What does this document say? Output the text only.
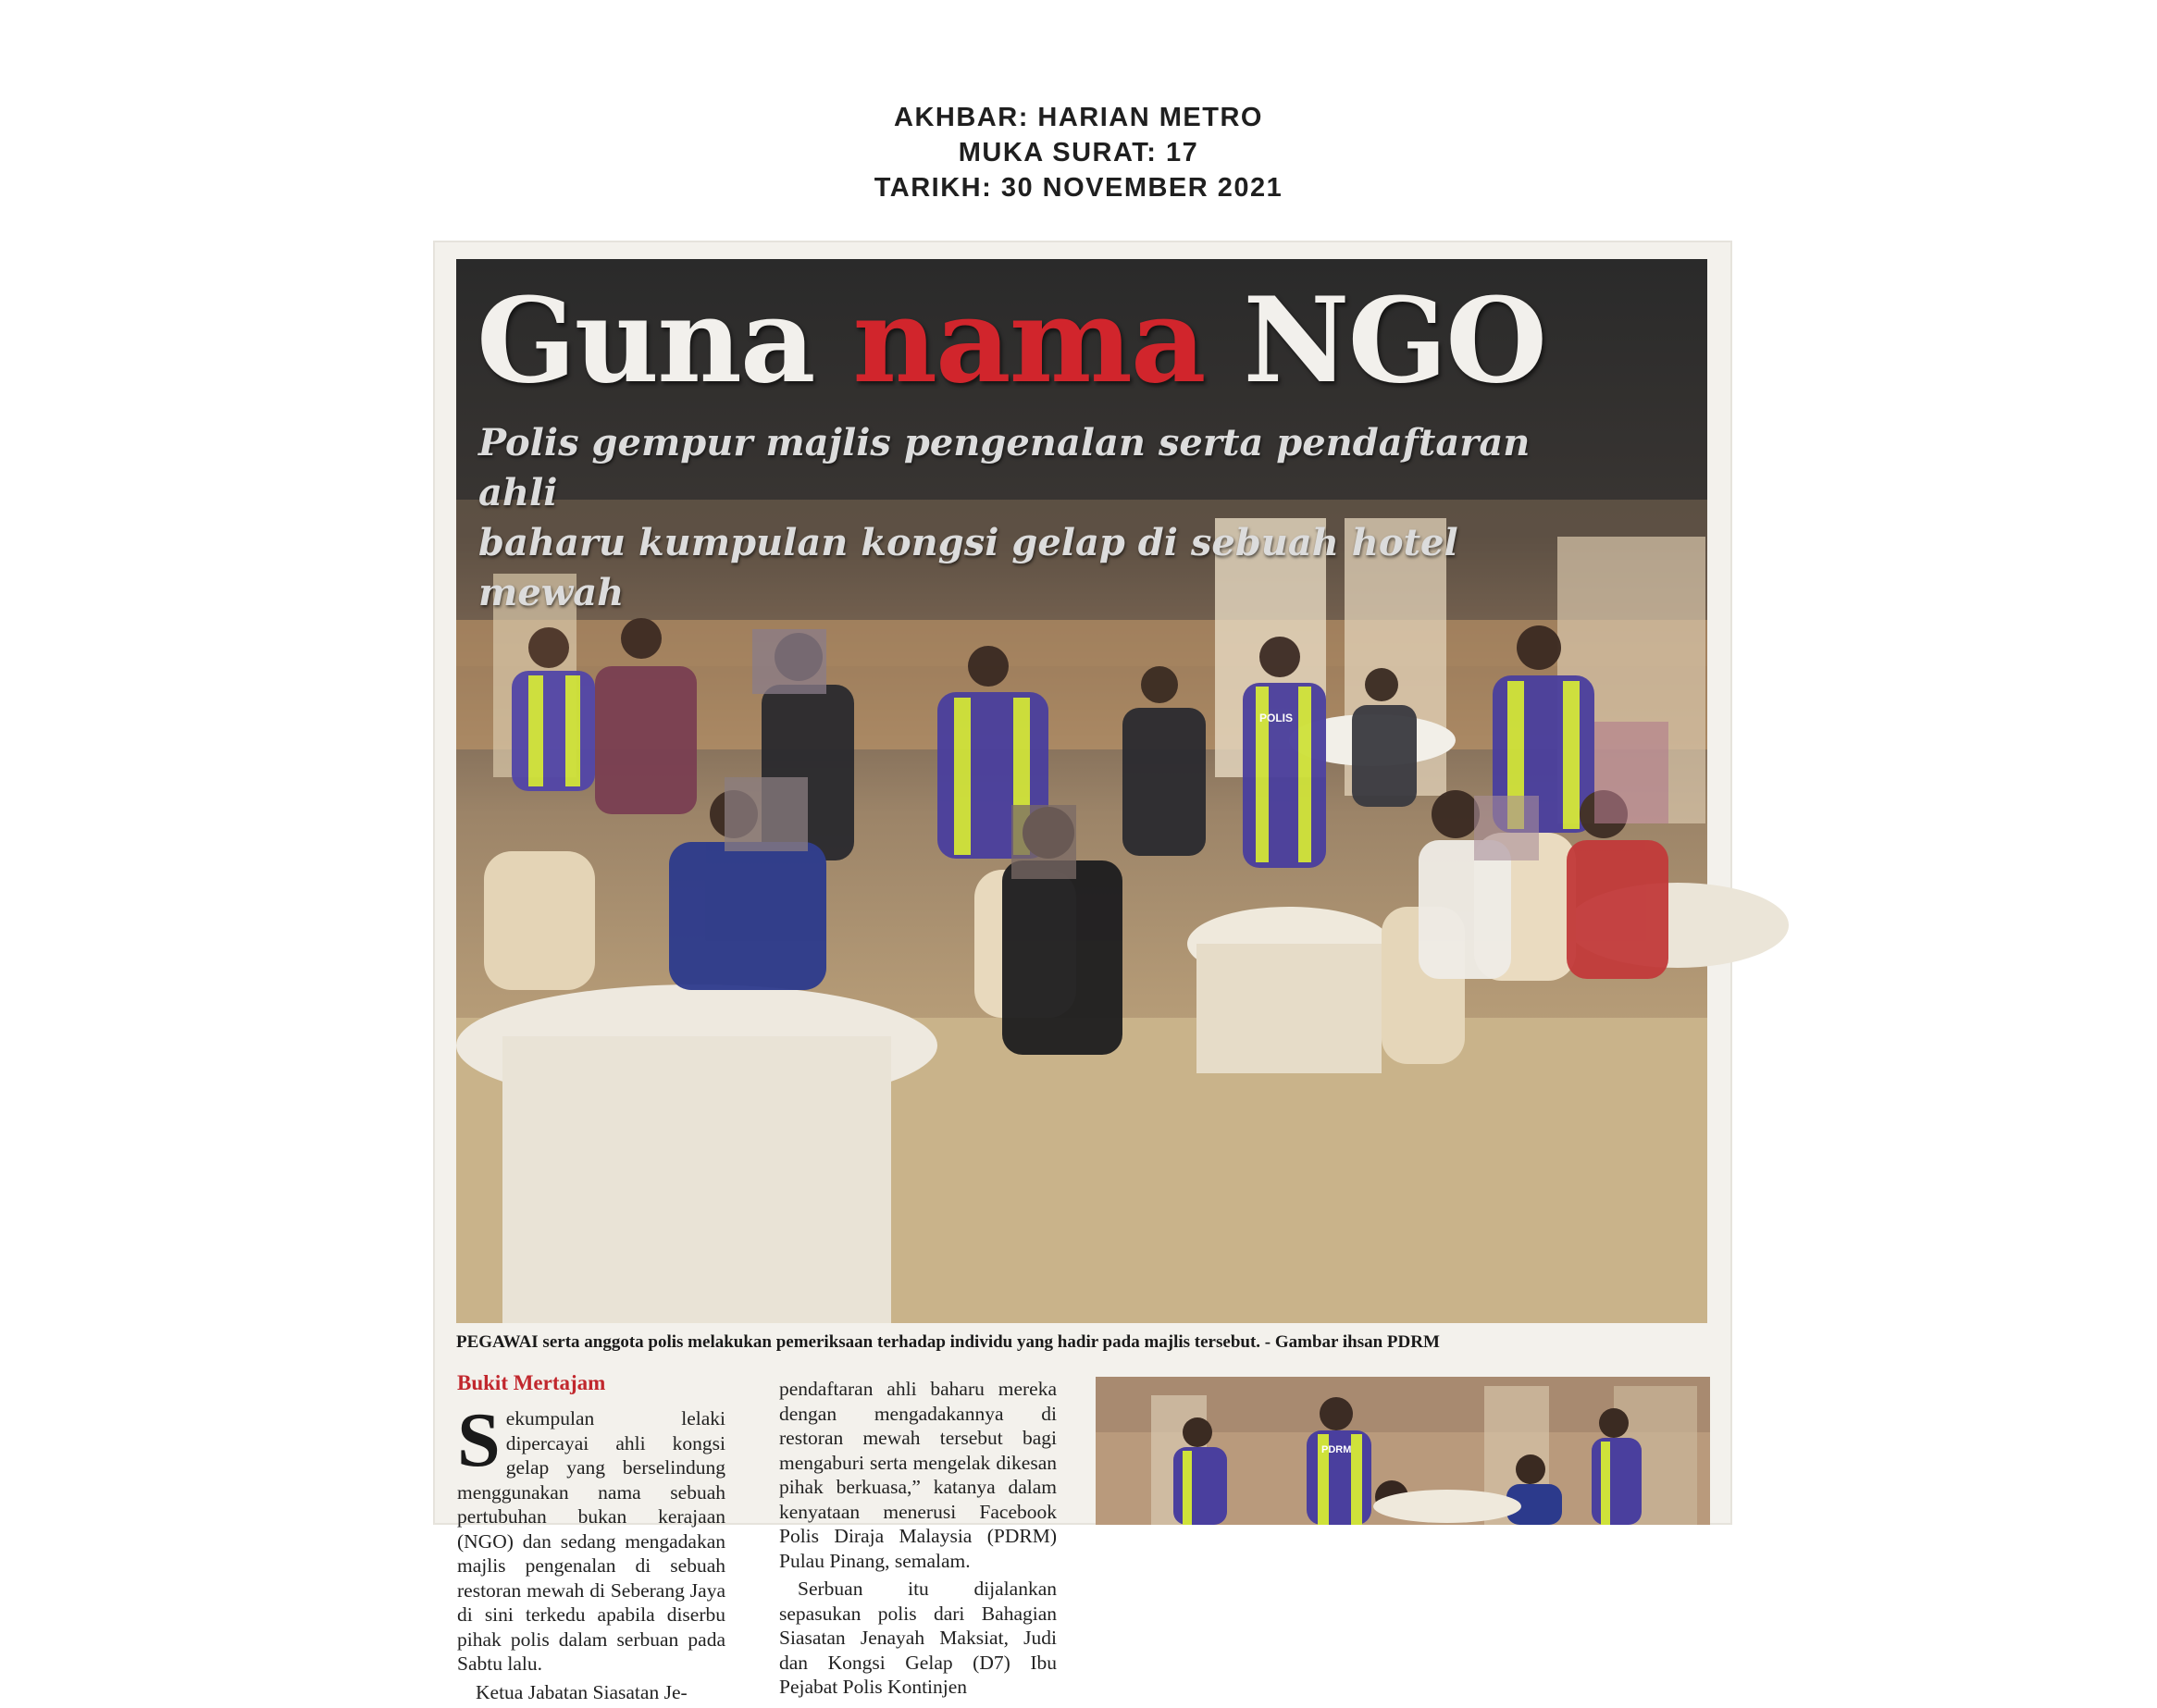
AKHBAR: HARIAN METRO
MUKA SURAT: 17
TARIKH: 30 NOVEMBER 2021
POLIS
Guna nama NGO

Polis gempur majlis pengenalan serta pendaftaran ahli
baharu kumpulan kongsi gelap di sebuah hotel mewah

PEGAWAI serta anggota polis melakukan pemeriksaan terhadap individu yang hadir pada majlis tersebut. - Gambar ihsan PDRM

Bukit Mertajam

Sekumpulan lelaki dipercayai ahli kongsi gelap yang berselindung menggunakan nama sebuah pertubuhan bukan kerajaan (NGO) dan sedang mengadakan majlis pengenalan di sebuah restoran mewah di Seberang Jaya di sini terkedu apabila diserbu pihak polis dalam serbuan pada Sabtu lalu.

Ketua Jabatan Siasatan Je-

pendaftaran ahli baharu mereka dengan mengadakannya di restoran mewah tersebut bagi mengaburi serta mengelak dikesan pihak berkuasa,” katanya dalam kenyataan menerusi Facebook Polis Diraja Malaysia (PDRM) Pulau Pinang, semalam.

Serbuan itu dijalankan sepasukan polis dari Bahagian Siasatan Jenayah Maksiat, Judi dan Kongsi Gelap (D7) Ibu Pejabat Polis Kontinjen

PDRM
